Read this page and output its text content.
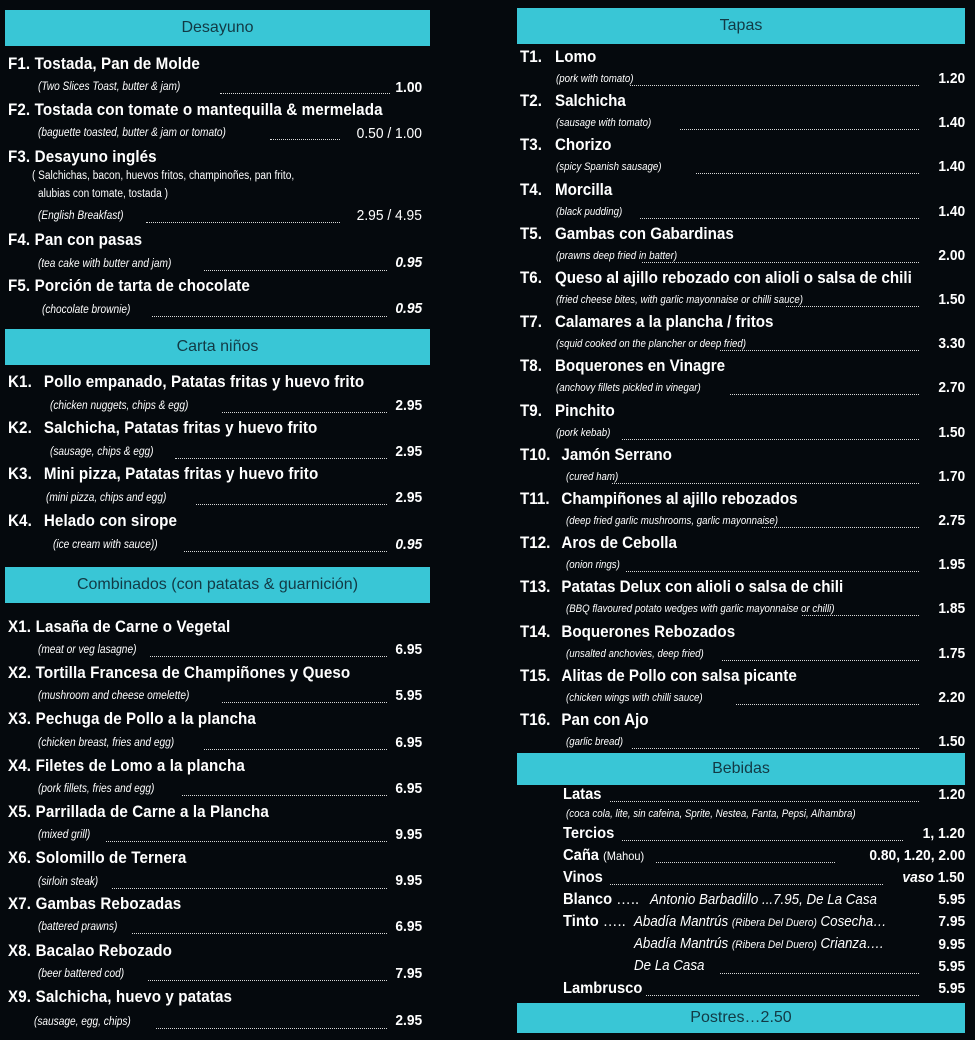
Desayuno
F1. Tostada, Pan de Molde
(Two Slices Toast, butter & jam)	1.00
F2. Tostada con tomate o mantequilla & mermelada
(baguette toasted, butter & jam or tomato)	0.50 / 1.00
F3. Desayuno inglés
( Salchichas, bacon, huevos fritos, champinoñes, pan frito,
alubias con tomate, tostada )
(English Breakfast)	2.95 / 4.95
F4. Pan con pasas
(tea cake with butter and jam)	0.95
F5. Porción de tarta de chocolate
(chocolate brownie)	0.95
Carta niños
K1. Pollo empanado, Patatas fritas y huevo frito
(chicken nuggets, chips & egg)	2.95
K2. Salchicha, Patatas fritas y huevo frito
(sausage, chips & egg)	2.95
K3. Mini pizza, Patatas fritas y huevo frito
(mini pizza, chips and egg)	2.95
K4. Helado con sirope
(ice cream with sauce))	0.95
Combinados (con patatas & guarnición)
X1. Lasaña de Carne o Vegetal
(meat or veg lasagne)	6.95
X2. Tortilla Francesa de Champiñones y Queso
(mushroom and cheese omelette)	5.95
X3. Pechuga de Pollo a la plancha
(chicken breast, fries and egg)	6.95
X4. Filetes de Lomo a la plancha
(pork fillets, fries and egg)	6.95
X5. Parrillada de Carne a la Plancha
(mixed grill)	9.95
X6. Solomillo de Ternera
(sirloin steak)	9.95
X7. Gambas Rebozadas
(battered prawns)	6.95
X8. Bacalao Rebozado
(beer battered cod)	7.95
X9. Salchicha, huevo y patatas
(sausage, egg, chips)	2.95
Tapas
T1. Lomo
(pork with tomato)	1.20
T2. Salchicha
(sausage with tomato)	1.40
T3. Chorizo
(spicy Spanish sausage)	1.40
T4. Morcilla
(black pudding)	1.40
T5. Gambas con Gabardinas
(prawns deep fried in batter)	2.00
T6. Queso al ajillo rebozado con alioli o salsa de chili
(fried cheese bites, with garlic mayonnaise or chilli sauce)	1.50
T7. Calamares a la plancha / fritos
(squid cooked on the plancher or deep fried)	3.30
T8. Boquerones en Vinagre
(anchovy fillets pickled in vinegar)	2.70
T9. Pinchito
(pork kebab)	1.50
T10. Jamón Serrano
(cured ham)	1.70
T11. Champiñones al ajillo rebozados
(deep fried garlic mushrooms, garlic mayonnaise)	2.75
T12. Aros de Cebolla
(onion rings)	1.95
T13. Patatas Delux con alioli o salsa de chili
(BBQ flavoured potato wedges with garlic mayonnaise or chilli)	1.85
T14. Boquerones Rebozados
(unsalted anchovies, deep fried)	1.75
T15. Alitas de Pollo con salsa picante
(chicken wings with chilli sauce)	2.20
T16. Pan con Ajo
(garlic bread)	1.50
Bebidas
Latas	1.20
(coca cola, lite, sin cafeina, Sprite, Nestea, Fanta, Pepsi, Alhambra)
Tercios	1, 1.20
Caña (Mahou)	0.80, 1.20, 2.00
Vinos	vaso 1.50
Blanco ….. Antonio Barbadillo ...7.95, De La Casa	5.95
Tinto ….. Abadía Mantrús (Ribera Del Duero) Cosecha…	7.95
Abadía Mantrús (Ribera Del Duero) Crianza….	9.95
De La Casa	5.95
Lambrusco	5.95
Postres…2.50
